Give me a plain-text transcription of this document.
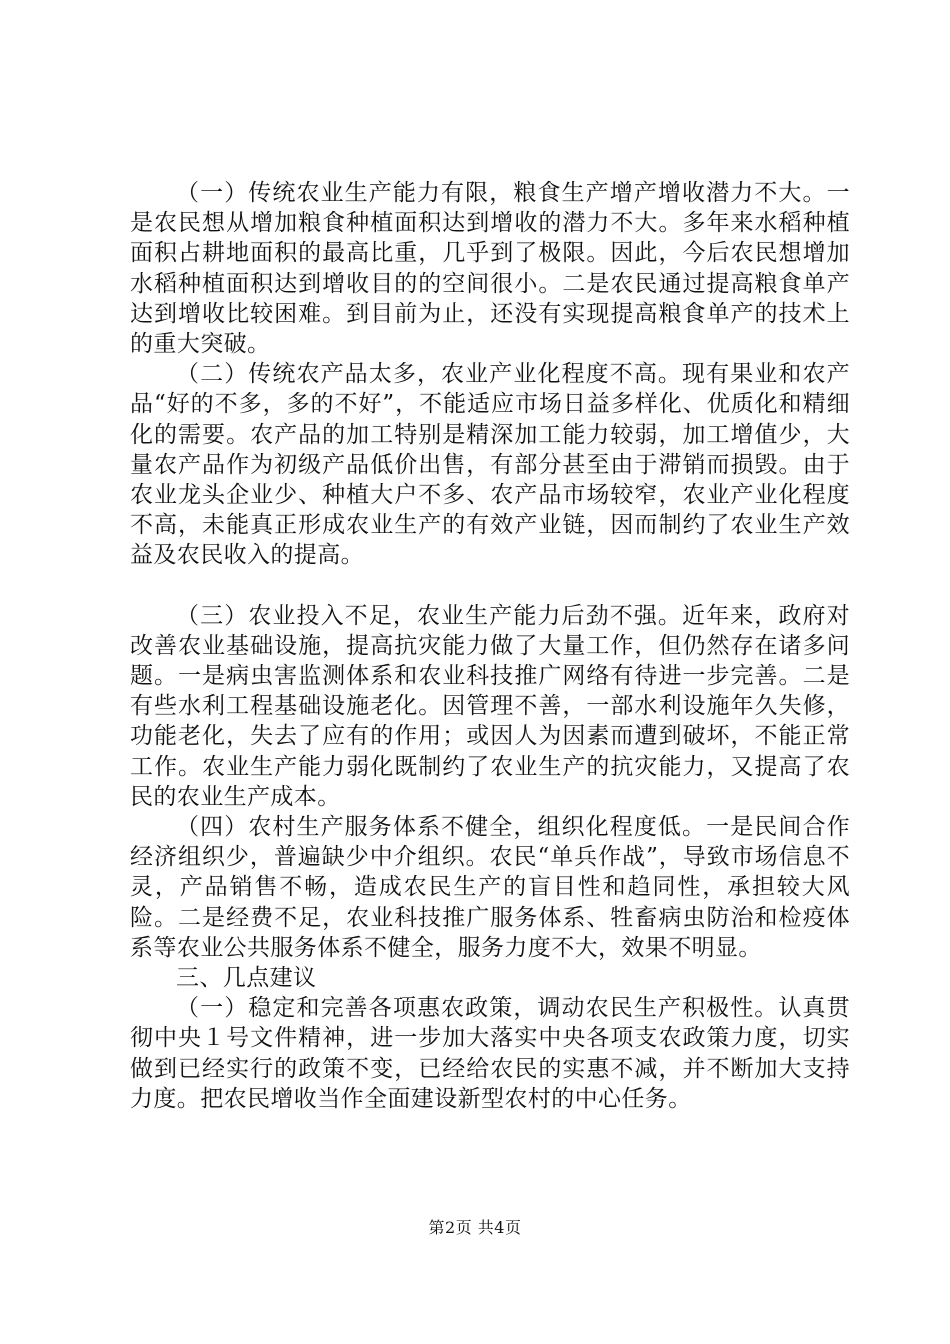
（一）传统农业生产能力有限，粮食生产增产增收潜力不大。一是农民想从增加粮食种植面积达到增收的潜力不大。多年来水稻种植面积占耕地面积的最高比重，几乎到了极限。因此，今后农民想增加水稻种植面积达到增收目的的空间很小。二是农民通过提高粮食单产达到增收比较困难。到目前为止，还没有实现提高粮食单产的技术上的重大突破。

（二）传统农产品太多，农业产业化程度不高。现有果业和农产品“好的不多，多的不好”，不能适应市场日益多样化、优质化和精细化的需要。农产品的加工特别是精深加工能力较弱，加工增值少，大量农产品作为初级产品低价出售，有部分甚至由于滞销而损毁。由于农业龙头企业少、种植大户不多、农产品市场较窄，农业产业化程度不高，未能真正形成农业生产的有效产业链，因而制约了农业生产效益及农民收入的提高。

（三）农业投入不足，农业生产能力后劲不强。近年来，政府对改善农业基础设施，提高抗灾能力做了大量工作，但仍然存在诸多问题。一是病虫害监测体系和农业科技推广网络有待进一步完善。二是有些水利工程基础设施老化。因管理不善，一部水利设施年久失修，功能老化，失去了应有的作用；或因人为因素而遭到破坏，不能正常工作。农业生产能力弱化既制约了农业生产的抗灾能力，又提高了农民的农业生产成本。

（四）农村生产服务体系不健全，组织化程度低。一是民间合作经济组织少，普遍缺少中介组织。农民“单兵作战”，导致市场信息不灵，产品销售不畅，造成农民生产的盲目性和趋同性，承担较大风险。二是经费不足，农业科技推广服务体系、牲畜病虫防治和检疫体系等农业公共服务体系不健全，服务力度不大，效果不明显。

三、几点建议

（一）稳定和完善各项惠农政策，调动农民生产积极性。认真贯彻中央１号文件精神，进一步加大落实中央各项支农政策力度，切实做到已经实行的政策不变，已经给农民的实惠不减，并不断加大支持力度。把农民增收当作全面建设新型农村的中心任务。

第2页 共4页
